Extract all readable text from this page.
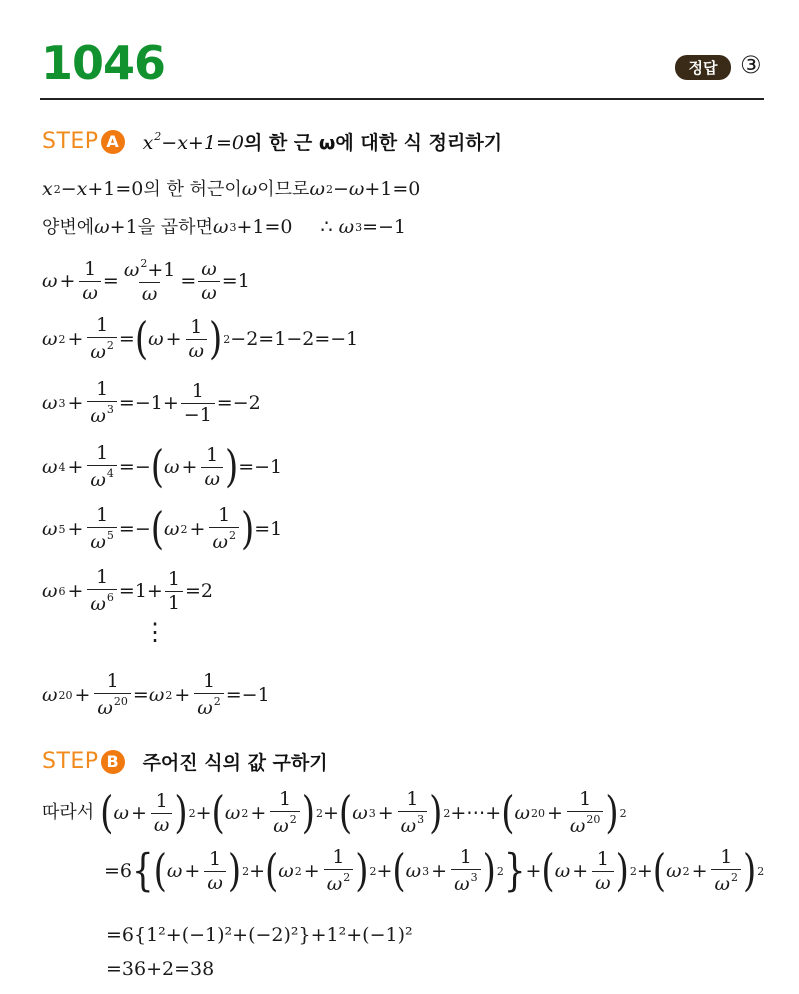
1046	정답 ③
STEP A	$x^2-x+1=0$ 의 한 근 ω에 대한 식 정리하기
x 2 − x +1=0 의 한 허근이 ω 이므로 ω 2 − ω +1=0
양변에 ω +1 을 곱하면 ω 3 +1=0 ∴ ω 3 =−1
$\omega + \frac{1}{\omega} = \frac{\omega^2+1}{\omega} = \frac{\omega}{\omega} =1$
ω $2 + \frac{1}{\omega^2}$ = ( $\omega + \frac{1}{\omega}$ ) 2 −2=1−2=−1
ω $3 + \frac{1}{\omega^3} =-1+ \frac{1}{-1} =-2$
ω $4 + \frac{1}{\omega^4}$ =− ( $\omega + \frac{1}{\omega}$ ) =−1
ω $5 + \frac{1}{\omega^5}$ =− ( ω $2 + \frac{1}{\omega^2}$ ) =1
ω $6 + \frac{1}{\omega^6} =1+ \frac{1}{1} =2$
⋮
ω $20 + \frac{1}{\omega^{20}} = \omega$ $2 + \frac{1}{\omega^2} =-1$
STEP B	주어진 식의 값 구하기
따라서 ( $\omega + \frac{1}{\omega}$ ) 2 + ( ω $2 + \frac{1}{\omega^2}$ ) 2 + ( ω $3 + \frac{1}{\omega^3}$ ) 2 +⋯+ ( ω $20 + \frac{1}{\omega^{20}}$ ) 2
=6 { ( $\omega + \frac{1}{\omega}$ ) 2 + ( ω $2 + \frac{1}{\omega^2}$ ) 2 + ( ω $3 + \frac{1}{\omega^3}$ ) 2 } + ( $\omega + \frac{1}{\omega}$ ) 2 + ( ω $2 + \frac{1}{\omega^2}$ ) 2
=6{1²+(−1)²+(−2)²}+1²+(−1)²
=36+2=38
